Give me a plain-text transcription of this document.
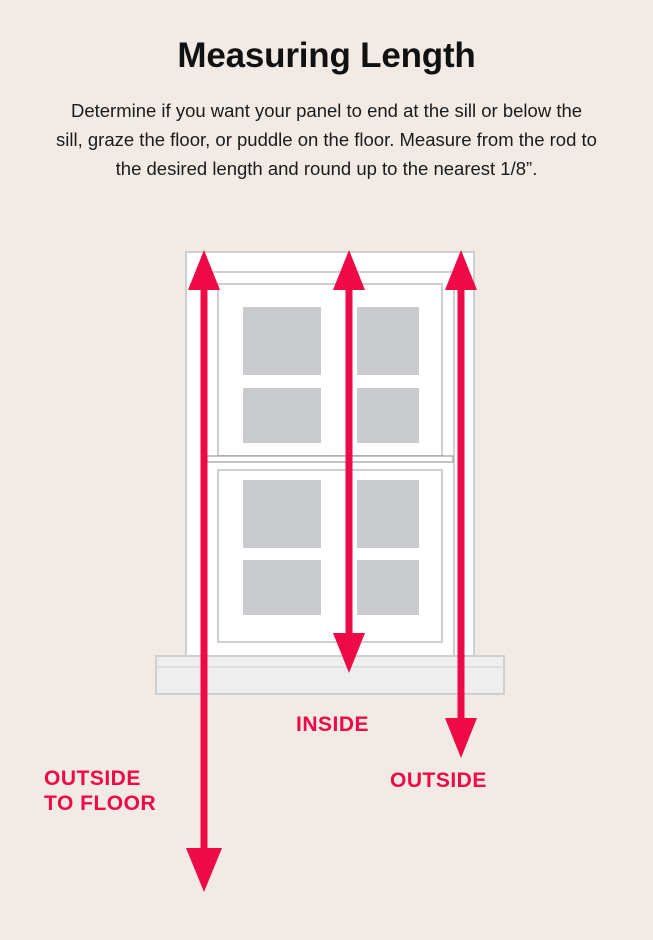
Measuring Length
Determine if you want your panel to end at the sill or below the sill, graze the floor, or puddle on the floor. Measure from the rod to the desired length and round up to the nearest 1/8”.
INSIDE
OUTSIDE
OUTSIDE
TO FLOOR
